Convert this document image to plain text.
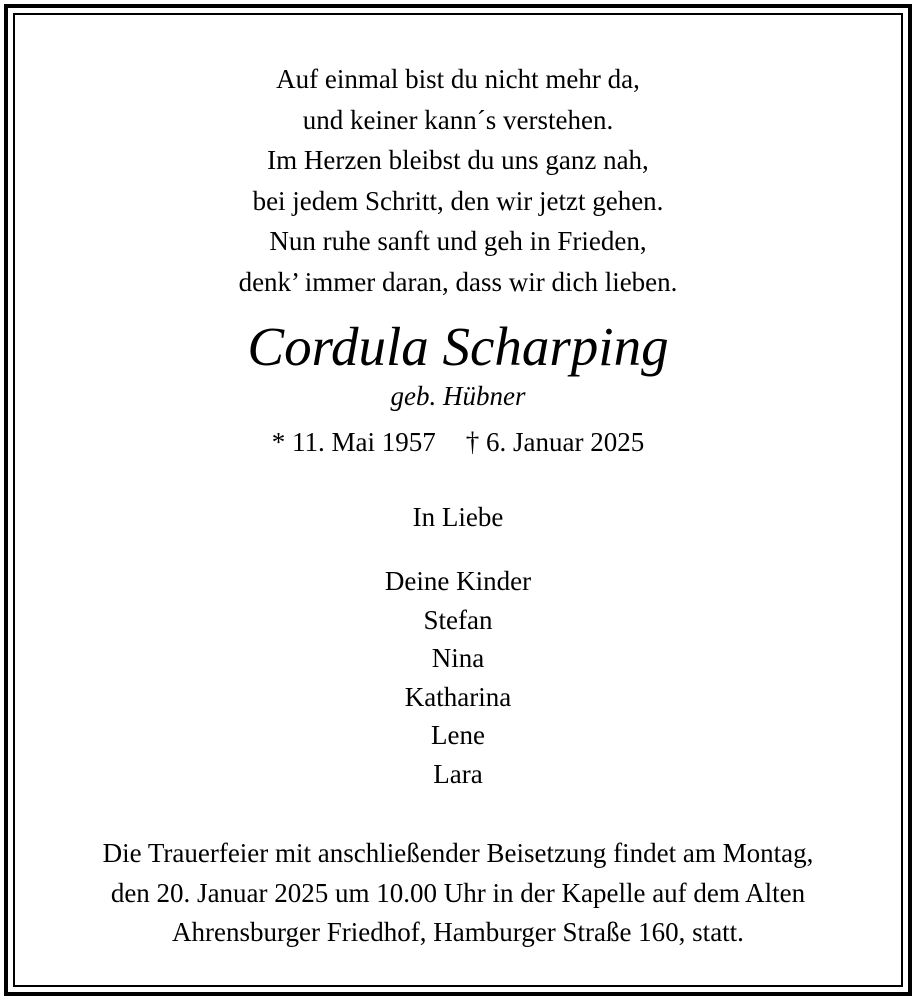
Auf einmal bist du nicht mehr da,
und keiner kann´s verstehen.
Im Herzen bleibst du uns ganz nah,
bei jedem Schritt, den wir jetzt gehen.
Nun ruhe sanft und geh in Frieden,
denk’ immer daran, dass wir dich lieben.
Cordula Scharping
geb. Hübner
* 11. Mai 1957 † 6. Januar 2025
In Liebe
Deine Kinder
Stefan
Nina
Katharina
Lene
Lara
Die Trauerfeier mit anschließender Beisetzung findet am Montag,
den 20. Januar 2025 um 10.00 Uhr in der Kapelle auf dem Alten
Ahrensburger Friedhof, Hamburger Straße 160, statt.
